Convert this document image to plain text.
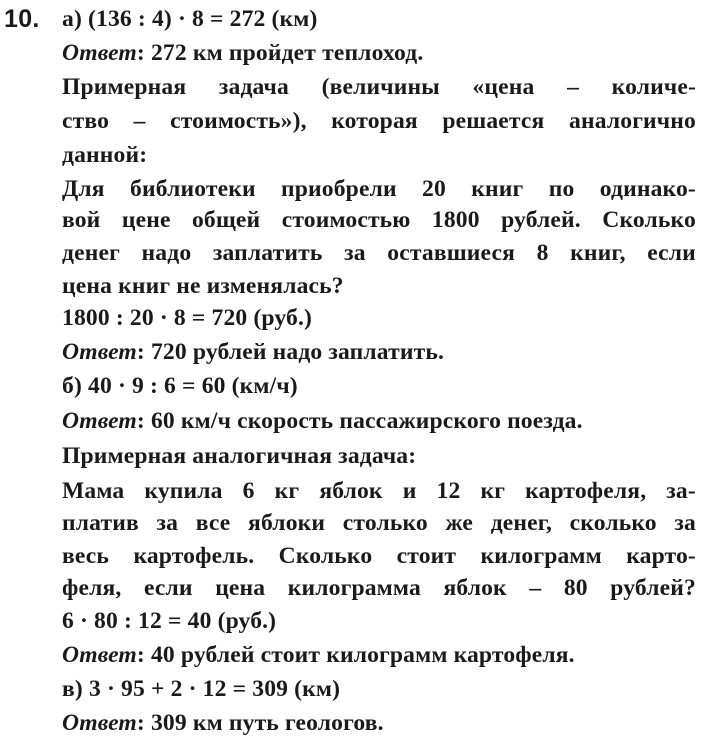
10. а) (136 : 4) · 8 = 272 (км)
Ответ: 272 км пройдет теплоход.
Примерная задача (величины «цена – количе-
ство – стоимость»), которая решается аналогично
данной:
Для библиотеки приобрели 20 книг по одинако-
вой цене общей стоимостью 1800 рублей. Сколько
денег надо заплатить за оставшиеся 8 книг, если
цена книг не изменялась?
1800 : 20 · 8 = 720 (руб.)
Ответ: 720 рублей надо заплатить.
б) 40 · 9 : 6 = 60 (км/ч)
Ответ: 60 км/ч скорость пассажирского поезда.
Примерная аналогичная задача:
Мама купила 6 кг яблок и 12 кг картофеля, за-
платив за все яблоки столько же денег, сколько за
весь картофель. Сколько стоит килограмм карто-
феля, если цена килограмма яблок – 80 рублей?
6 · 80 : 12 = 40 (руб.)
Ответ: 40 рублей стоит килограмм картофеля.
в) 3 · 95 + 2 · 12 = 309 (км)
Ответ: 309 км путь геологов.
